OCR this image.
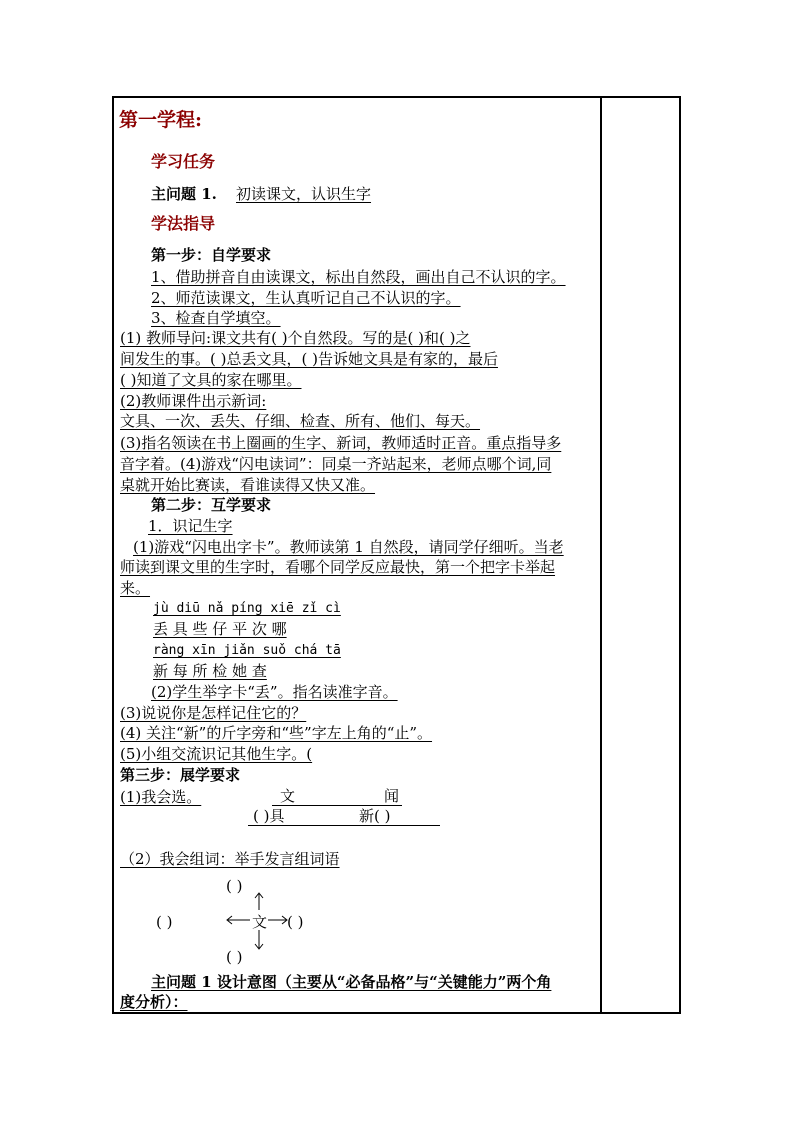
第一学程:
学习任务
主问题 1. 初读课文，认识生字
学法指导
第一步：自学要求
1、借助拼音自由读课文，标出自然段，画出自己不认识的字。
2、师范读课文，生认真听记自己不认识的字。
3、检查自学填空。
(1) 教师导问:课文共有( )个自然段。写的是( )和( )之
间发生的事。( )总丢文具，( )告诉她文具是有家的，最后
( )知道了文具的家在哪里。
(2)教师课件出示新词:
文具、一次、丢失、仔细、检查、所有、他们、每天。
(3)指名领读在书上圈画的生字、新词，教师适时正音。重点指导多
音字着。(4)游戏“闪电读词”：同桌一齐站起来，老师点哪个词,同
桌就开始比赛读，看谁读得又快又准。
第二步：互学要求
1．识记生字
(1)游戏“闪电出字卡”。教师读第 1 自然段，请同学仔细听。当老
师读到课文里的生字时，看哪个同学反应最快，第一个把字卡举起
来。
jù diū nǎ píng xiē zǐ cì
丢 具 些 仔 平 次 哪
ràng xīn jiǎn suǒ chá tā
新 每 所 检 她 查
(2)学生举字卡“丢”。指名读准字音。
(3)说说你是怎样记住它的？
(4) 关注“新”的斤字旁和“些”字左上角的“止”。
(5)小组交流识记其他生字。(
第三步：展学要求
(1)我会选。	文	闻
( )具	新( )
（2）我会组词：举手发言组词语
( )
( )	文 ( )
( )
主问题 1 设计意图（主要从“必备品格”与“关键能力”两个角
度分析）：
